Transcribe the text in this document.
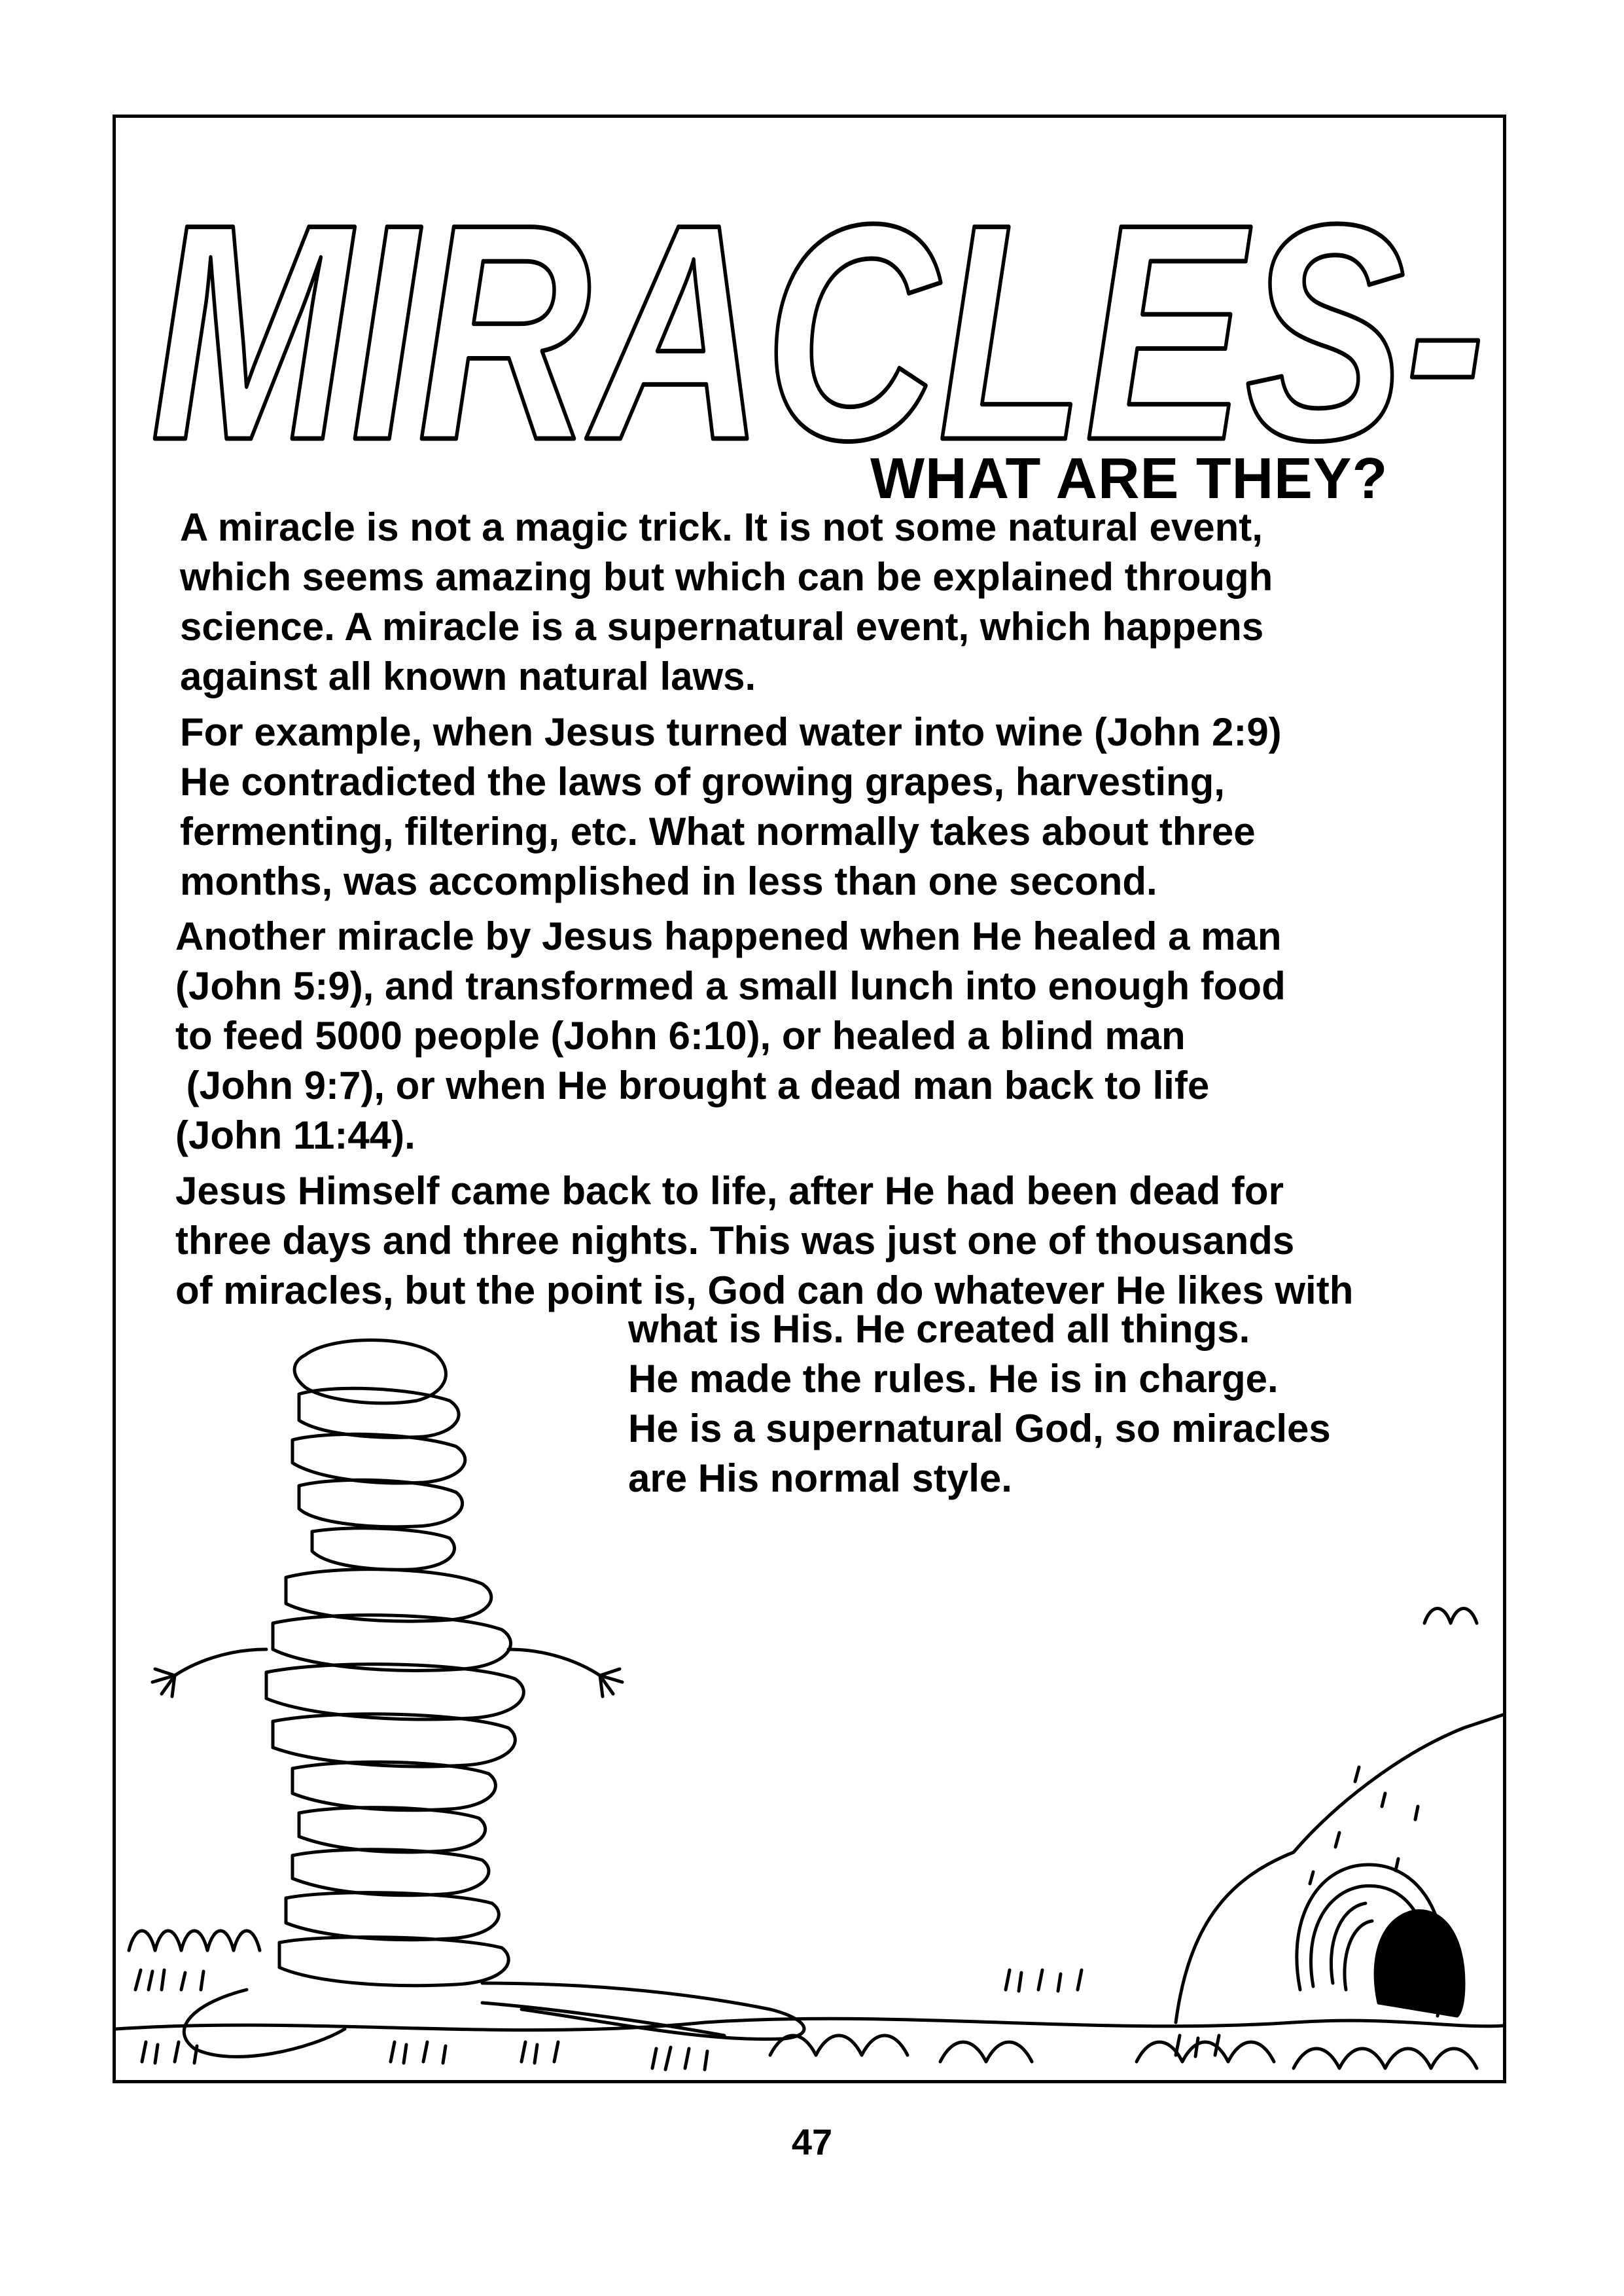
MIRACLES-
WHAT ARE THEY?
A miracle is not a magic trick. It is not some natural event,
which seems amazing but which can be explained through
science. A miracle is a supernatural event, which happens
against all known natural laws.
For example, when Jesus turned water into wine (John 2:9)
He contradicted the laws of growing grapes, harvesting,
fermenting, filtering, etc. What normally takes about three
months, was accomplished in less than one second.
Another miracle by Jesus happened when He healed a man
(John 5:9), and transformed a small lunch into enough food
to feed 5000 people (John 6:10), or healed a blind man
(John 9:7), or when He brought a dead man back to life
(John 11:44).
Jesus Himself came back to life, after He had been dead for
three days and three nights. This was just one of thousands
of miracles, but the point is, God can do whatever He likes with
what is His. He created all things.
He made the rules. He is in charge.
He is a supernatural God, so miracles
are His normal style.
47
